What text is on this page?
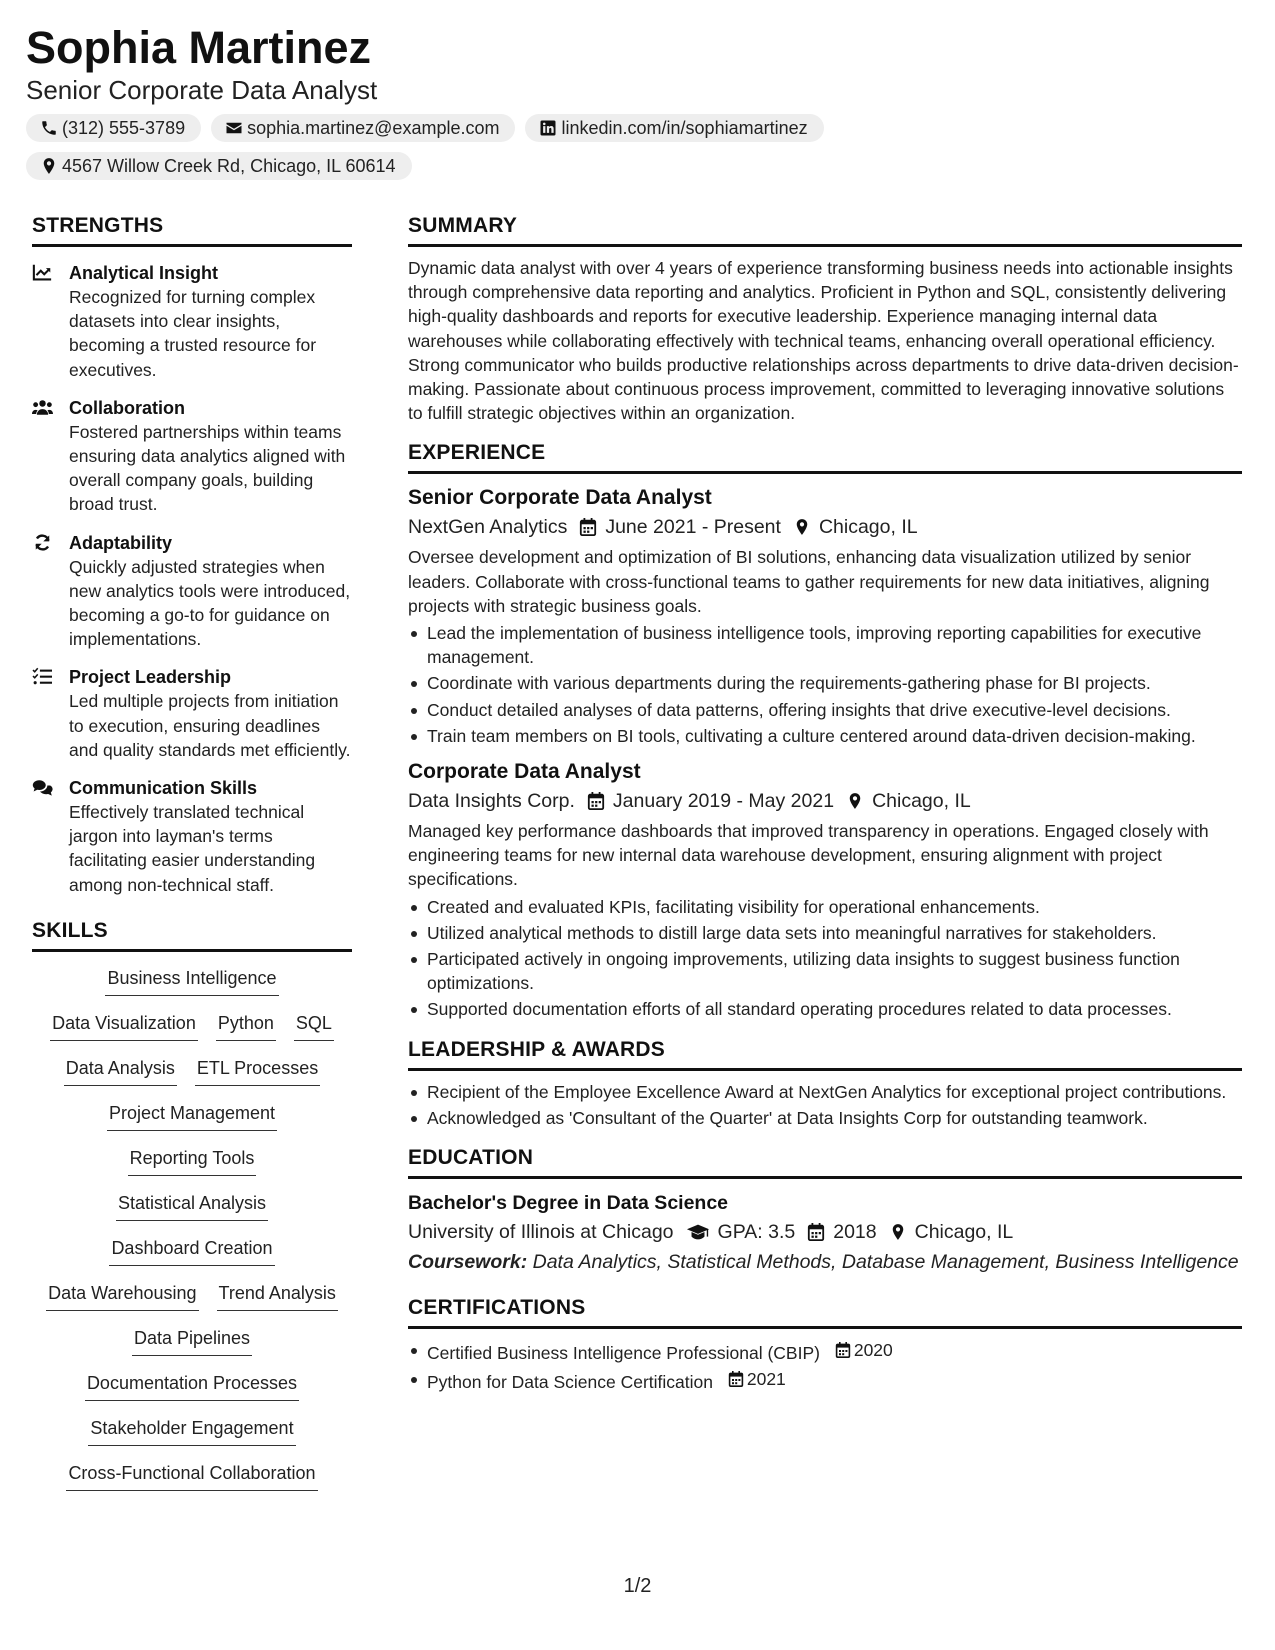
Sophia Martinez
Senior Corporate Data Analyst
(312) 555-3789	sophia.martinez@example.com	linkedin.com/in/sophiamartinez
4567 Willow Creek Rd, Chicago, IL 60614
STRENGTHS
Analytical Insight
Recognized for turning complex datasets into clear insights, becoming a trusted resource for executives.
Collaboration
Fostered partnerships within teams ensuring data analytics aligned with overall company goals, building broad trust.
Adaptability
Quickly adjusted strategies when new analytics tools were introduced, becoming a go-to for guidance on implementations.
Project Leadership
Led multiple projects from initiation to execution, ensuring deadlines and quality standards met efficiently.
Communication Skills
Effectively translated technical jargon into layman's terms facilitating easier understanding among non-technical staff.
SKILLS
Business Intelligence
Data Visualization Python SQL
Data Analysis ETL Processes
Project Management
Reporting Tools
Statistical Analysis
Dashboard Creation
Data Warehousing Trend Analysis
Data Pipelines
Documentation Processes
Stakeholder Engagement
Cross-Functional Collaboration
SUMMARY
Dynamic data analyst with over 4 years of experience transforming business needs into actionable insights through comprehensive data reporting and analytics. Proficient in Python and SQL, consistently delivering high-quality dashboards and reports for executive leadership. Experience managing internal data warehouses while collaborating effectively with technical teams, enhancing overall operational efficiency. Strong communicator who builds productive relationships across departments to drive data-driven decision-making. Passionate about continuous process improvement, committed to leveraging innovative solutions to fulfill strategic objectives within an organization.
EXPERIENCE
Senior Corporate Data Analyst
NextGen Analytics June 2021 - Present Chicago, IL
Oversee development and optimization of BI solutions, enhancing data visualization utilized by senior leaders. Collaborate with cross-functional teams to gather requirements for new data initiatives, aligning projects with strategic business goals.
Lead the implementation of business intelligence tools, improving reporting capabilities for executive management.
Coordinate with various departments during the requirements-gathering phase for BI projects.
Conduct detailed analyses of data patterns, offering insights that drive executive-level decisions.
Train team members on BI tools, cultivating a culture centered around data-driven decision-making.
Corporate Data Analyst
Data Insights Corp. January 2019 - May 2021 Chicago, IL
Managed key performance dashboards that improved transparency in operations. Engaged closely with engineering teams for new internal data warehouse development, ensuring alignment with project specifications.
Created and evaluated KPIs, facilitating visibility for operational enhancements.
Utilized analytical methods to distill large data sets into meaningful narratives for stakeholders.
Participated actively in ongoing improvements, utilizing data insights to suggest business function optimizations.
Supported documentation efforts of all standard operating procedures related to data processes.
LEADERSHIP & AWARDS
Recipient of the Employee Excellence Award at NextGen Analytics for exceptional project contributions.
Acknowledged as 'Consultant of the Quarter' at Data Insights Corp for outstanding teamwork.
EDUCATION
Bachelor's Degree in Data Science
University of Illinois at Chicago GPA: 3.5 2018 Chicago, IL
Coursework: Data Analytics, Statistical Methods, Database Management, Business Intelligence
CERTIFICATIONS
Certified Business Intelligence Professional (CBIP) 2020
Python for Data Science Certification 2021
1/2
